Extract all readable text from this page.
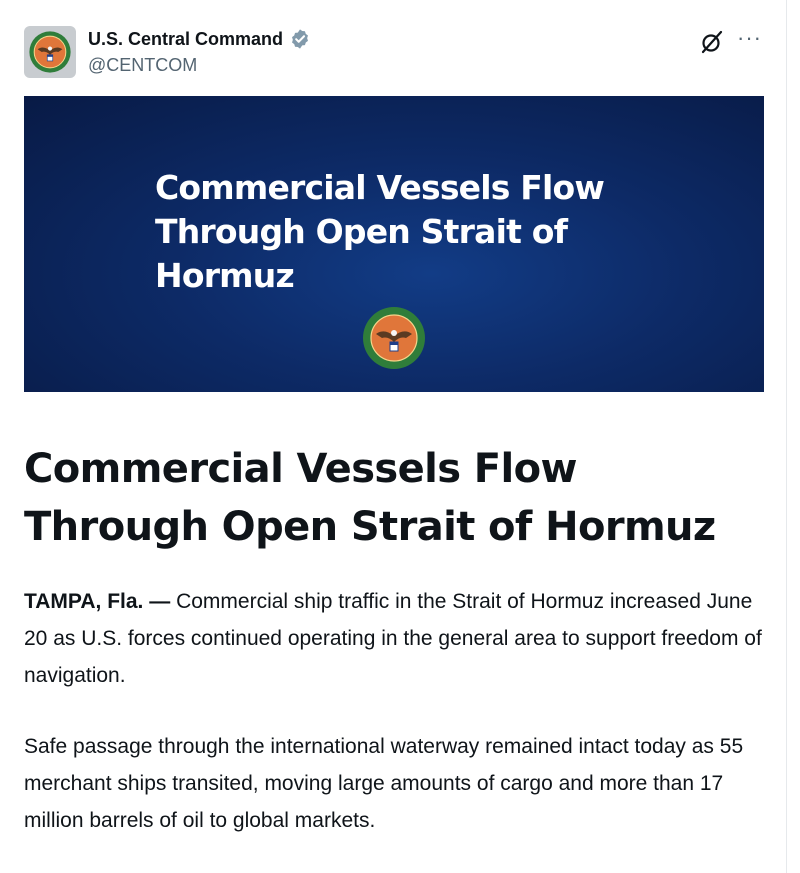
U.S. Central Command
@CENTCOM
···
Commercial Vessels Flow Through Open Strait of Hormuz
Commercial Vessels Flow Through Open Strait of Hormuz
TAMPA, Fla. — Commercial ship traffic in the Strait of Hormuz increased June 20 as U.S. forces continued operating in the general area to support freedom of navigation.
Safe passage through the international waterway remained intact today as 55 merchant ships transited, moving large amounts of cargo and more than 17 million barrels of oil to global markets.
